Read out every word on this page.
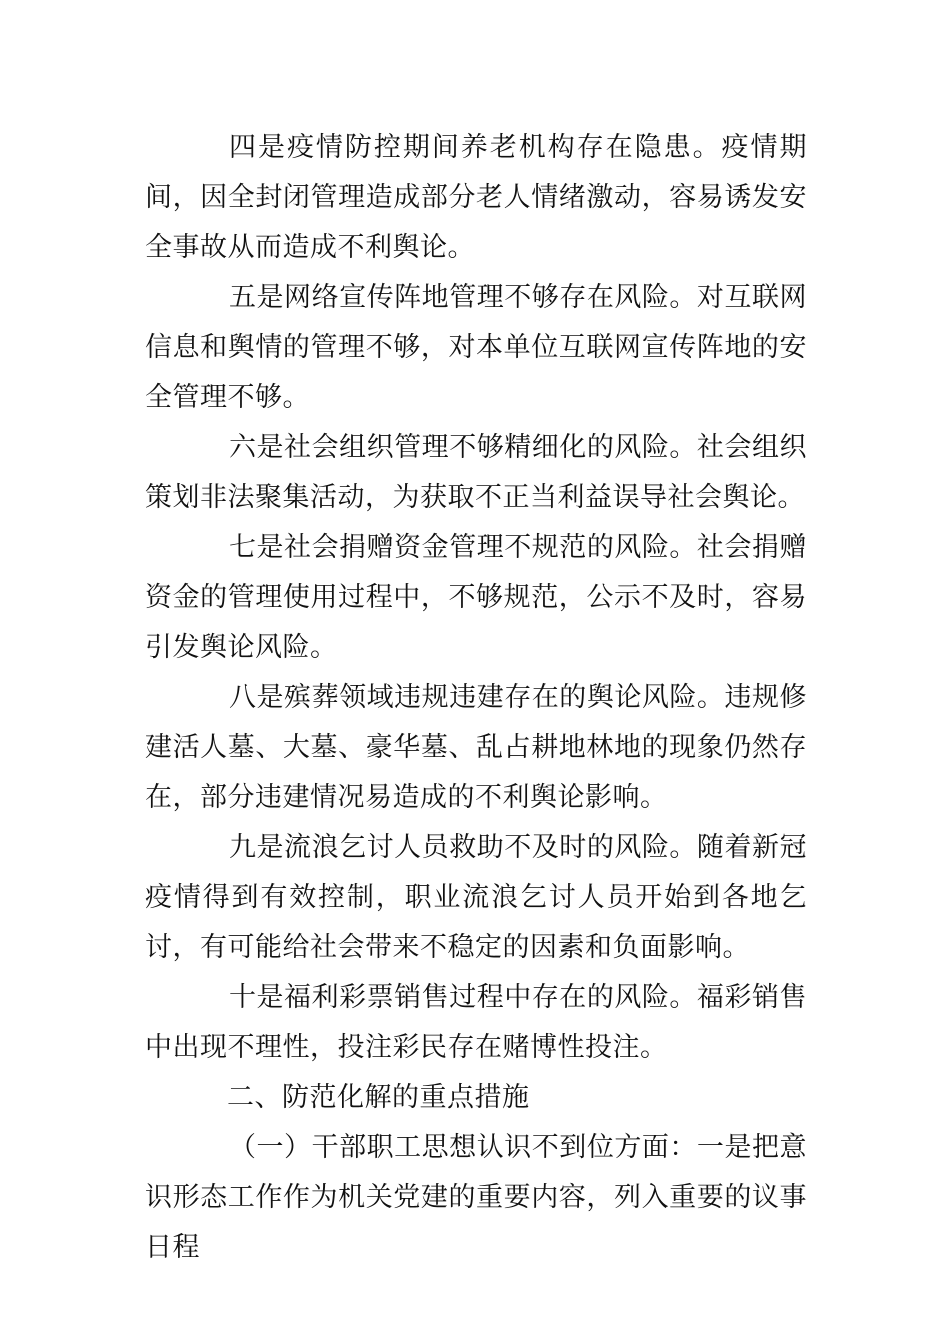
四是疫情防控期间养老机构存在隐患。疫情期间，因全封闭管理造成部分老人情绪激动，容易诱发安全事故从而造成不利舆论。

五是网络宣传阵地管理不够存在风险。对互联网信息和舆情的管理不够，对本单位互联网宣传阵地的安全管理不够。

六是社会组织管理不够精细化的风险。社会组织策划非法聚集活动，为获取不正当利益误导社会舆论。

七是社会捐赠资金管理不规范的风险。社会捐赠资金的管理使用过程中，不够规范，公示不及时，容易引发舆论风险。

八是殡葬领域违规违建存在的舆论风险。违规修建活人墓、大墓、豪华墓、乱占耕地林地的现象仍然存在，部分违建情况易造成的不利舆论影响。

九是流浪乞讨人员救助不及时的风险。随着新冠疫情得到有效控制，职业流浪乞讨人员开始到各地乞讨，有可能给社会带来不稳定的因素和负面影响。

十是福利彩票销售过程中存在的风险。福彩销售中出现不理性，投注彩民存在赌博性投注。

二、防范化解的重点措施

（一）干部职工思想认识不到位方面：一是把意识形态工作作为机关党建的重要内容，列入重要的议事日程
